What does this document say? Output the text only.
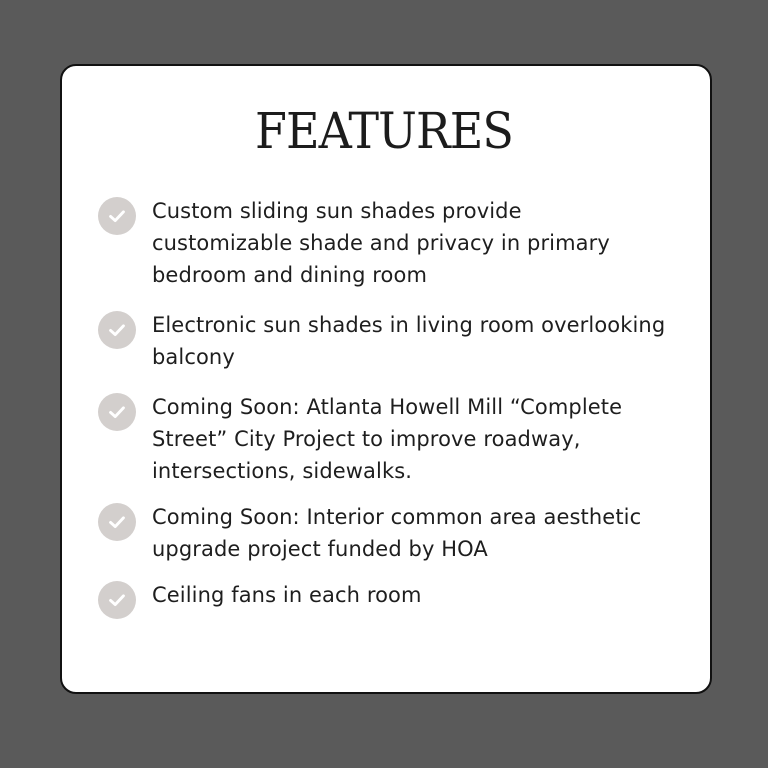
FEATURES
Custom sliding sun shades provide customizable shade and privacy in primary bedroom and dining room
Electronic sun shades in living room overlooking balcony
Coming Soon: Atlanta Howell Mill “Complete Street” City Project to improve roadway, intersections, sidewalks.
Coming Soon: Interior common area aesthetic upgrade project funded by HOA
Ceiling fans in each room
